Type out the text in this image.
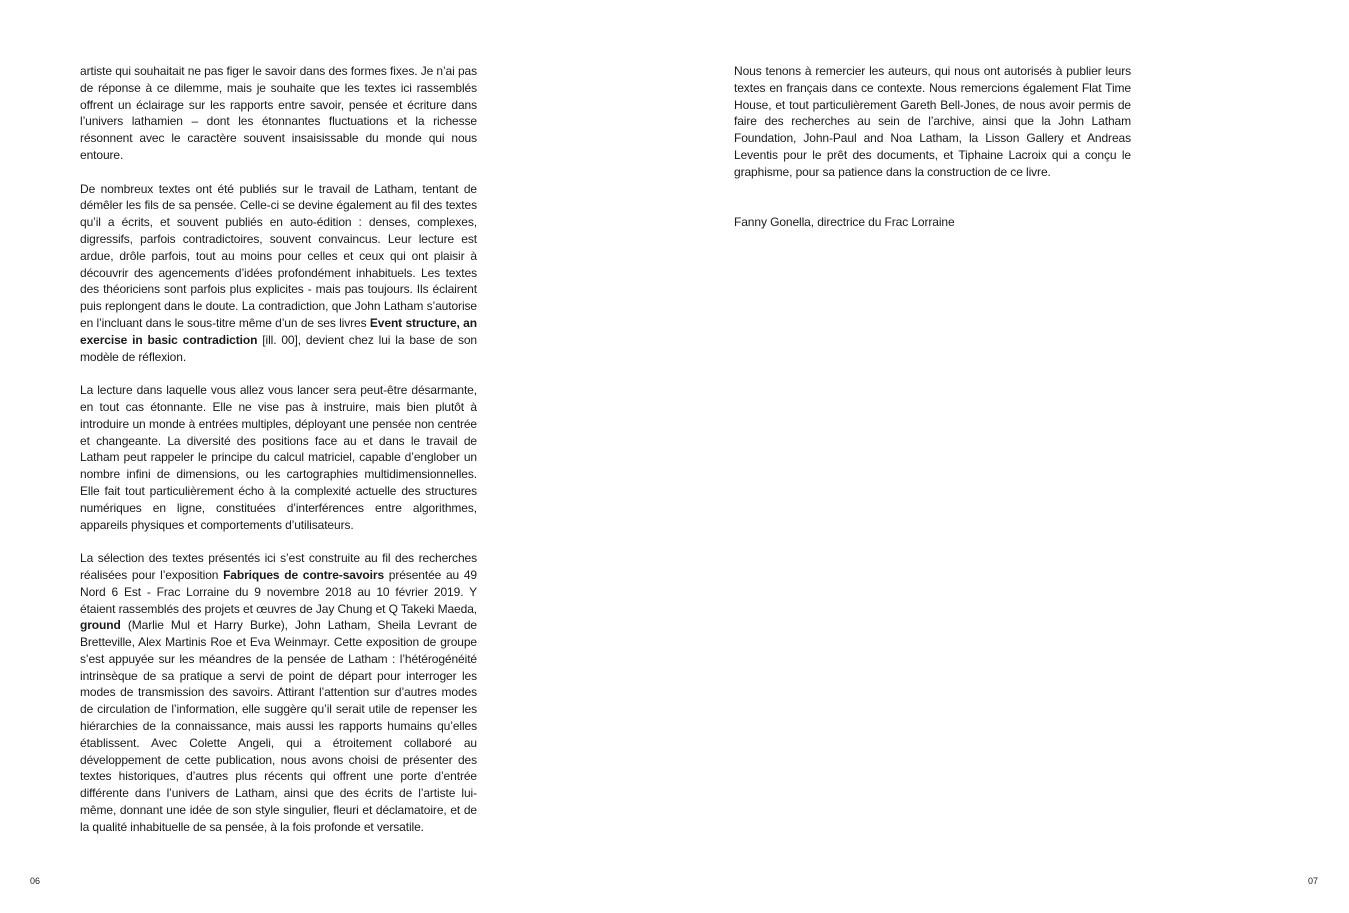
artiste qui souhaitait ne pas figer le savoir dans des formes fixes. Je n’ai pas de réponse à ce dilemme, mais je souhaite que les textes ici rassemblés offrent un éclairage sur les rapports entre savoir, pensée et écriture dans l’univers lathamien – dont les étonnantes fluctuations et la richesse résonnent avec le caractère souvent insaisissable du monde qui nous entoure.

De nombreux textes ont été publiés sur le travail de Latham, tentant de démêler les fils de sa pensée. Celle-ci se devine également au fil des textes qu’il a écrits, et souvent publiés en auto-édition : denses, complexes, digressifs, parfois contradictoires, souvent convaincus. Leur lecture est ardue, drôle parfois, tout au moins pour celles et ceux qui ont plaisir à découvrir des agencements d’idées profondément inhabituels. Les textes des théoriciens sont parfois plus explicites - mais pas toujours. Ils éclairent puis replongent dans le doute. La contradiction, que John Latham s’autorise en l’incluant dans le sous-titre même d’un de ses livres Event structure, an exercise in basic contradiction [ill. 00], devient chez lui la base de son modèle de réflexion.

La lecture dans laquelle vous allez vous lancer sera peut-être désarmante, en tout cas étonnante. Elle ne vise pas à instruire, mais bien plutôt à introduire un monde à entrées multiples, déployant une pensée non centrée et changeante. La diversité des positions face au et dans le travail de Latham peut rappeler le principe du calcul matriciel, capable d’englober un nombre infini de dimensions, ou les cartographies multidimensionnelles. Elle fait tout particulièrement écho à la complexité actuelle des structures numériques en ligne, constituées d’interférences entre algorithmes, appareils physiques et comportements d’utilisateurs.

La sélection des textes présentés ici s’est construite au fil des recherches réalisées pour l’exposition Fabriques de contre-savoirs présentée au 49 Nord 6 Est - Frac Lorraine du 9 novembre 2018 au 10 février 2019. Y étaient rassemblés des projets et œuvres de Jay Chung et Q Takeki Maeda, ground (Marlie Mul et Harry Burke), John Latham, Sheila Levrant de Bretteville, Alex Martinis Roe et Eva Weinmayr. Cette exposition de groupe s’est appuyée sur les méandres de la pensée de Latham : l’hétérogénéité intrinsèque de sa pratique a servi de point de départ pour interroger les modes de transmission des savoirs. Attirant l’attention sur d’autres modes de circulation de l’information, elle suggère qu’il serait utile de repenser les hiérarchies de la connaissance, mais aussi les rapports humains qu’elles établissent. Avec Colette Angeli, qui a étroitement collaboré au développement de cette publication, nous avons choisi de présenter des textes historiques, d’autres plus récents qui offrent une porte d’entrée différente dans l’univers de Latham, ainsi que des écrits de l’artiste lui-même, donnant une idée de son style singulier, fleuri et déclamatoire, et de la qualité inhabituelle de sa pensée, à la fois profonde et versatile.

06

Nous tenons à remercier les auteurs, qui nous ont autorisés à publier leurs textes en français dans ce contexte. Nous remercions également Flat Time House, et tout particulièrement Gareth Bell-Jones, de nous avoir permis de faire des recherches au sein de l’archive, ainsi que la John Latham Foundation, John-Paul and Noa Latham, la Lisson Gallery et Andreas Leventis pour le prêt des documents, et Tiphaine Lacroix qui a conçu le graphisme, pour sa patience dans la construction de ce livre.

Fanny Gonella, directrice du Frac Lorraine

07
